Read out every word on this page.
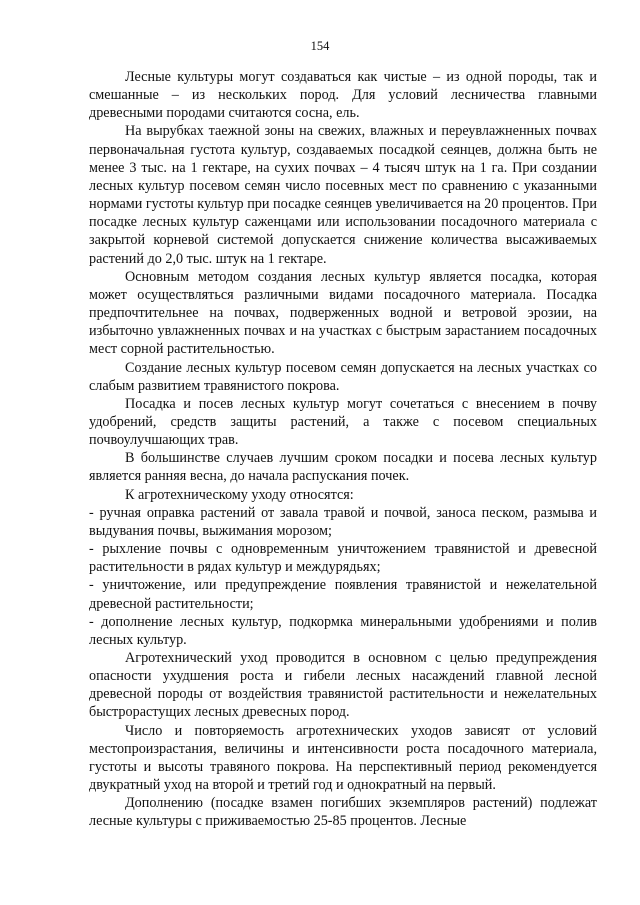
154

Лесные культуры могут создаваться как чистые – из одной породы, так и смешанные – из нескольких пород. Для условий лесничества главными древесными породами считаются сосна, ель.

На вырубках таежной зоны на свежих, влажных и переувлажненных почвах первоначальная густота культур, создаваемых посадкой сеянцев, должна быть не менее 3 тыс. на 1 гектаре, на сухих почвах – 4 тысяч штук на 1 га. При создании лесных культур посевом семян число посевных мест по сравнению с указанными нормами густоты культур при посадке сеянцев увеличивается на 20 процентов. При посадке лесных культур саженцами или использовании посадочного материала с закрытой корневой системой допускается снижение количества высаживаемых растений до 2,0 тыс. штук на 1 гектаре.

Основным методом создания лесных культур является посадка, которая может осуществляться различными видами посадочного материала. Посадка предпочтительнее на почвах, подверженных водной и ветровой эрозии, на избыточно увлажненных почвах и на участках с быстрым зарастанием посадочных мест сорной растительностью.

Создание лесных культур посевом семян допускается на лесных участках со слабым развитием травянистого покрова.

Посадка и посев лесных культур могут сочетаться с внесением в почву удобрений, средств защиты растений, а также с посевом специальных почвоулучшающих трав.

В большинстве случаев лучшим сроком посадки и посева лесных культур является ранняя весна, до начала распускания почек.

К агротехническому уходу относятся:

- ручная оправка растений от завала травой и почвой, заноса песком, размыва и выдувания почвы, выжимания морозом;

- рыхление почвы с одновременным уничтожением травянистой и древесной растительности в рядах культур и междурядьях;

- уничтожение, или предупреждение появления травянистой и нежелательной древесной растительности;

- дополнение лесных культур, подкормка минеральными удобрениями и полив лесных культур.

Агротехнический уход проводится в основном с целью предупреждения опасности ухудшения роста и гибели лесных насаждений главной лесной древесной породы от воздействия травянистой растительности и нежелательных быстрорастущих лесных древесных пород.

Число и повторяемость агротехнических уходов зависят от условий местопроизрастания, величины и интенсивности роста посадочного материала, густоты и высоты травяного покрова. На перспективный период рекомендуется двукратный уход на второй и третий год и однократный на первый.

Дополнению (посадке взамен погибших экземпляров растений) подлежат лесные культуры с приживаемостью 25-85 процентов. Лесные
